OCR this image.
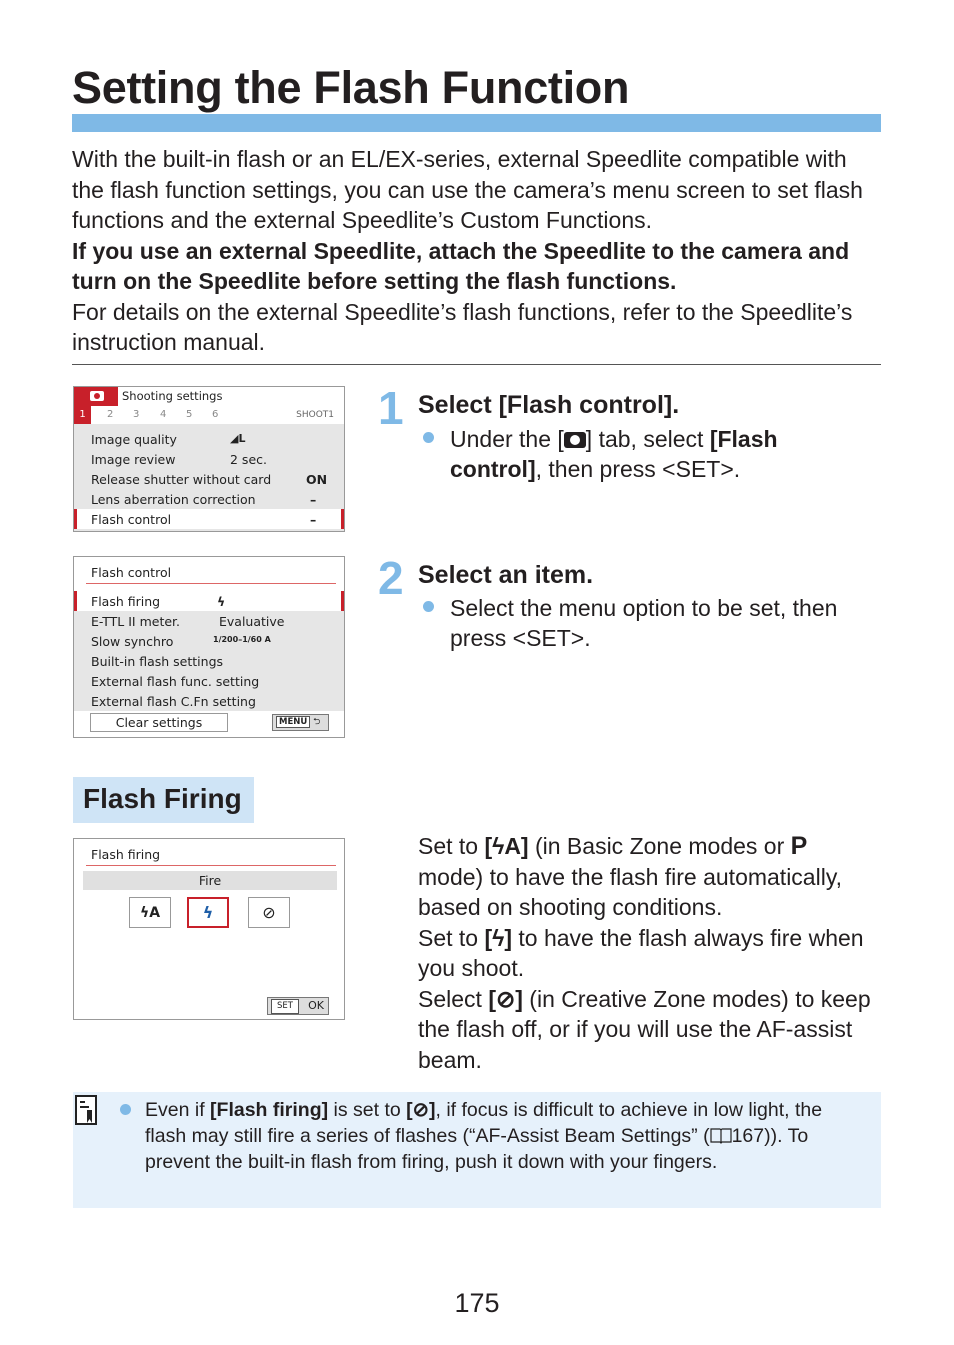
Setting the Flash Function

With the built-in flash or an EL/EX-series, external Speedlite compatible with the flash function settings, you can use the camera’s menu screen to set flash functions and the external Speedlite’s Custom Functions.

If you use an external Speedlite, attach the Speedlite to the camera and turn on the Speedlite before setting the flash functions.

For details on the external Speedlite’s flash functions, refer to the Speedlite’s instruction manual.

Shooting settings
2 3 4 5 6
1	SHOOT1
Image quality	◢L
Image review	2 sec.
Release shutter without card	ON
Lens aberration correction	–
Flash control	–
1 Select [Flash control].

Under the [ ] tab, select [Flash control], then press <SET>.

Flash control
Flash firing	ϟ
E-TTL II meter.	Evaluative
Slow synchro	1/200–1/60 A
Built-in flash settings
External flash func. setting
External flash C.Fn setting
Clear settings	MENU ⮌
2 Select an item.
Select the menu option to be set, then press <SET>.
Flash Firing
Flash firing
Fire
ϟA	ϟ	⊘
SET	OK

Set to [ϟA] (in Basic Zone modes or P mode) to have the flash fire automatically, based on shooting conditions.

Set to [ϟ] to have the flash always fire when you shoot.

Select [⊘] (in Creative Zone modes) to keep the flash off, or if you will use the AF-assist beam.

Even if [Flash firing] is set to [⊘], if focus is difficult to achieve in low light, the flash may still fire a series of flashes (“AF-Assist Beam Settings” ( 167)). To prevent the built-in flash from firing, push it down with your fingers.

175
